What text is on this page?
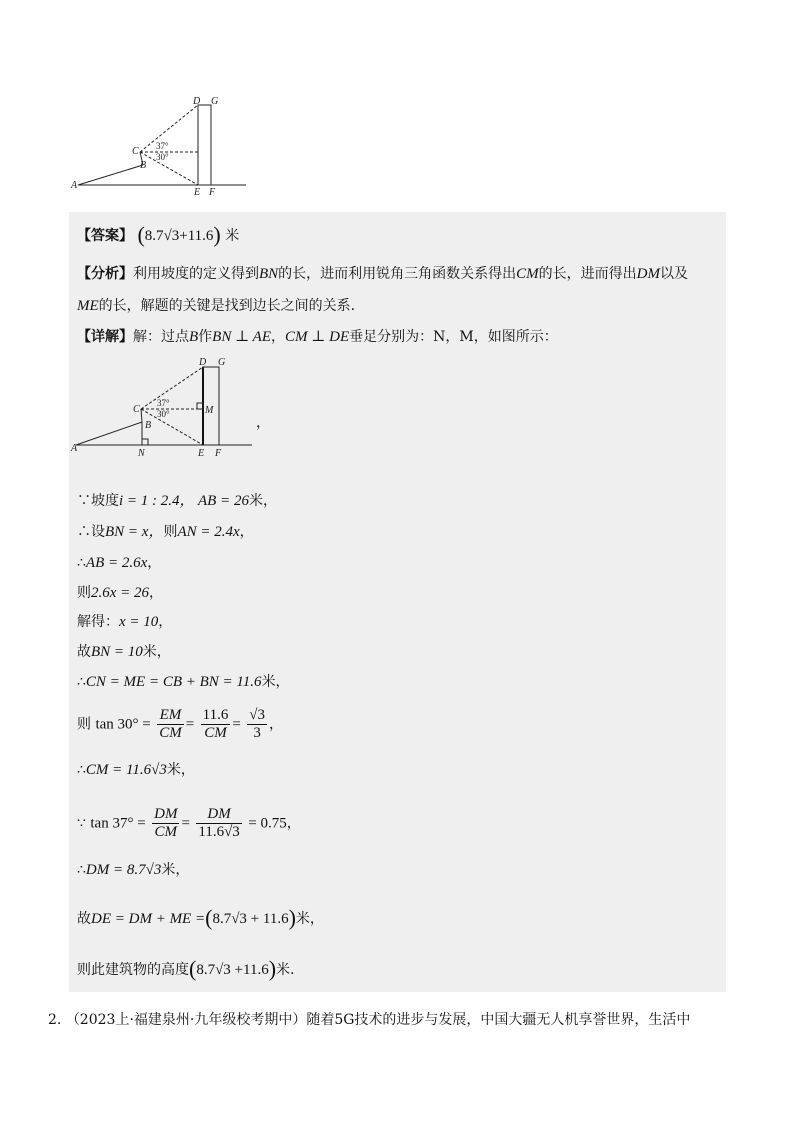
D G
C
B
A
E F
37°
30°
【答案】 (8.7√3+11.6) 米
【分析】利用坡度的定义得到BN的长，进而利用锐角三角函数关系得出CM的长，进而得出DM以及
ME的长，解题的关键是找到边长之间的关系.
【详解】解：过点B作BN ⊥ AE，CM ⊥ DE垂足分别为：N，M，如图所示：
D G
C
B
A	N
M
E F
37°
30°
，
∵坡度i = 1 : 2.4， AB = 26米，
∴设BN = x，则AN = 2.4x，
∴AB = 2.6x，
则2.6x = 26，
解得：x = 10，
故BN = 10米，
∴CN = ME = CB + BN = 11.6米，
则 $\tan 30^\circ = \frac{EM}{CM} = \frac{11.6}{CM} = \frac{√3}{3}$ ，
∴CM = 11.6√3米，
∵ $\tan 37^\circ = \frac{DM}{CM} = \frac{DM}{11.6√3} = 0.75$，
∴DM = 8.7√3米，
故DE = DM + ME =(8.7√3 + 11.6)米，
则此建筑物的高度(8.7√3 +11.6)米.
2. （2023上·福建泉州·九年级校考期中）随着5G技术的进步与发展，中国大疆无人机享誉世界，生活中
